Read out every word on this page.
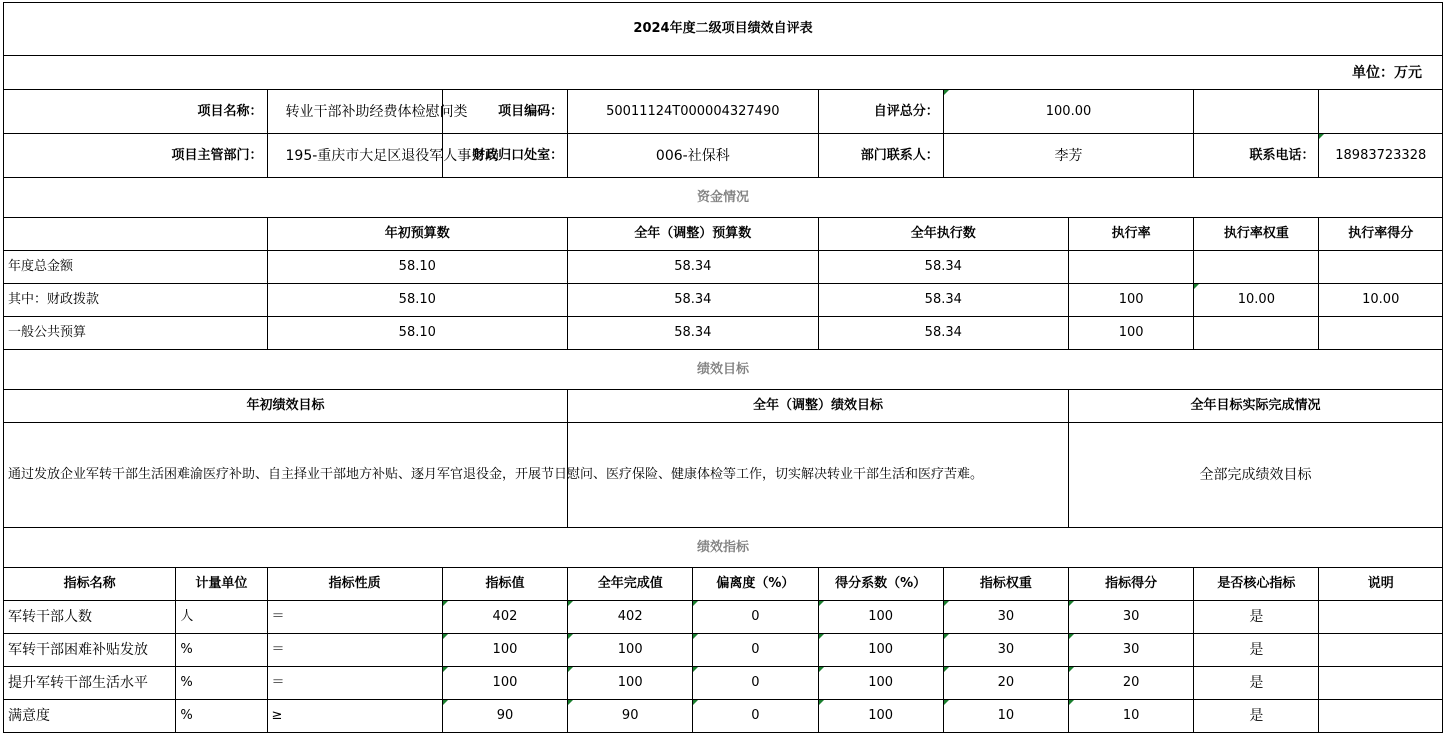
2024年度二级项目绩效自评表										
单位：万元										
项目名称：		转业干部补助经费体检慰问类	项目编码：	50011124T000004327490		自评总分：	100.00			
项目主管部门：		195-重庆市大足区退役军人事务局	财政归口处室：	006-社保科		部门联系人：	李芳		联系电话：	18983723328
资金情况										
		年初预算数		全年（调整）预算数		全年执行数		执行率	执行率权重	执行率得分
年度总金额		58.10		58.34		58.34				
其中：财政拨款		58.10		58.34		58.34		100	10.00	10.00
一般公共预算		58.10		58.34		58.34		100		
绩效目标										
年初绩效目标				全年（调整）绩效目标				全年目标实际完成情况		
通过发放企业军转干部生活困难渝医疗补助、自主择业干部地方补贴、逐月军官退役金，开展节日慰问、医疗保险、健康体检等工作，切实解决转业干部生活和医疗苦难。								全部完成绩效目标		
绩效指标										
指标名称	计量单位	指标性质	指标值	全年完成值	偏离度（%）	得分系数（%）	指标权重	指标得分	是否核心指标	说明
军转干部人数	人	＝	402	402	0	100	30	30	是	
军转干部困难补贴发放	%	＝	100	100	0	100	30	30	是	
提升军转干部生活水平	%	＝	100	100	0	100	20	20	是	
满意度	%	≥	90	90	0	100	10	10	是	
